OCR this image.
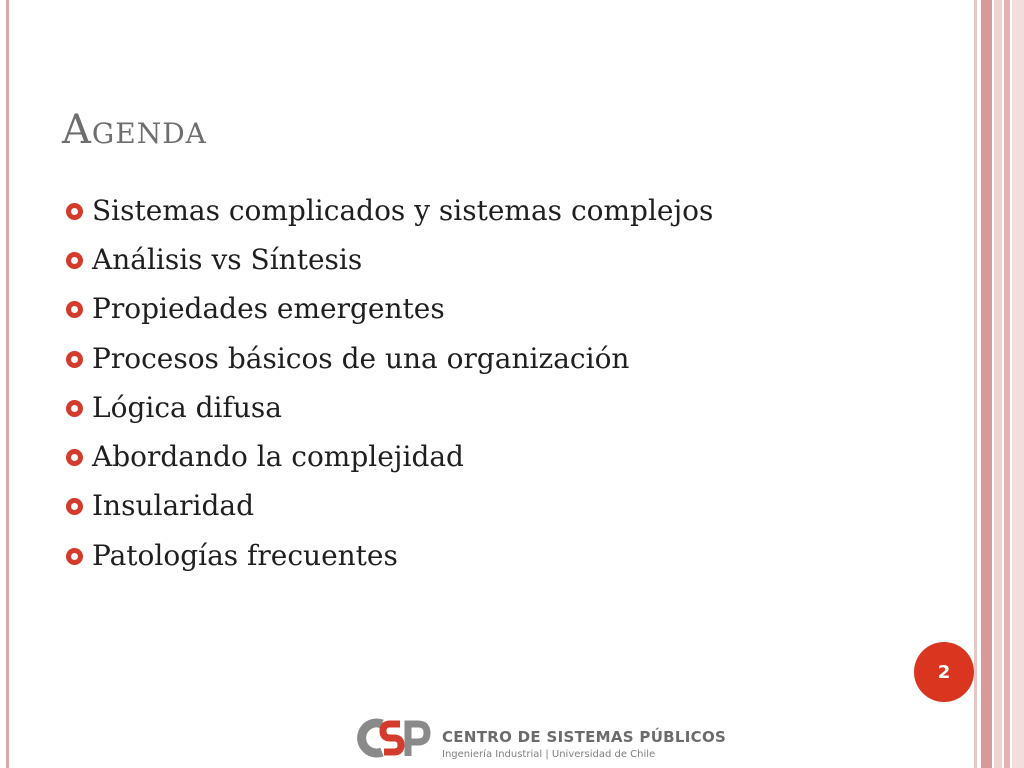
Agenda
Sistemas complicados y sistemas complejos
Análisis vs Síntesis
Propiedades emergentes
Procesos básicos de una organización
Lógica difusa
Abordando la complejidad
Insularidad
Patologías frecuentes
2
CENTRO DE SISTEMAS PÚBLICOS
Ingeniería Industrial | Universidad de Chile
